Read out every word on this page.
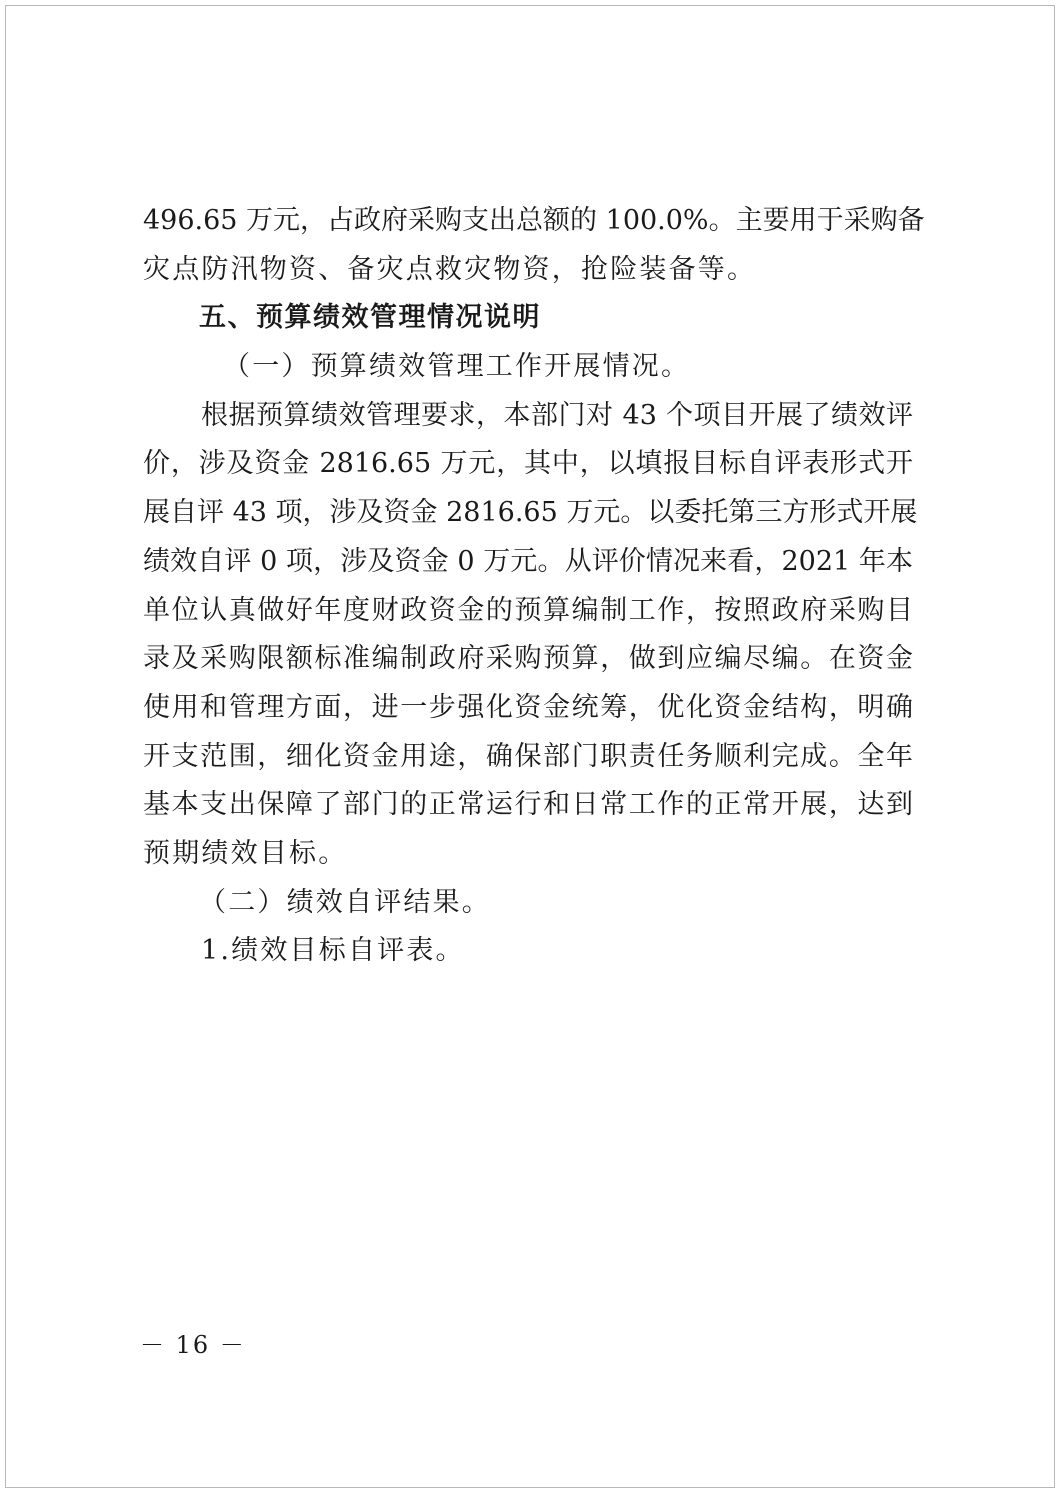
496.65 万元，占政府采购支出总额的 100.0%。主要用于采购备
灾点防汛物资、备灾点救灾物资，抢险装备等。
五、预算绩效管理情况说明
（一）预算绩效管理工作开展情况。
根据预算绩效管理要求，本部门对 43 个项目开展了绩效评
价，涉及资金 2816.65 万元，其中，以填报目标自评表形式开
展自评 43 项，涉及资金 2816.65 万元。以委托第三方形式开展
绩效自评 0 项，涉及资金 0 万元。从评价情况来看，2021 年本
单位认真做好年度财政资金的预算编制工作，按照政府采购目
录及采购限额标准编制政府采购预算，做到应编尽编。在资金
使用和管理方面，进一步强化资金统筹，优化资金结构，明确
开支范围，细化资金用途，确保部门职责任务顺利完成。全年
基本支出保障了部门的正常运行和日常工作的正常开展，达到
预期绩效目标。
（二）绩效自评结果。
1.绩效目标自评表。
－ 16 －
